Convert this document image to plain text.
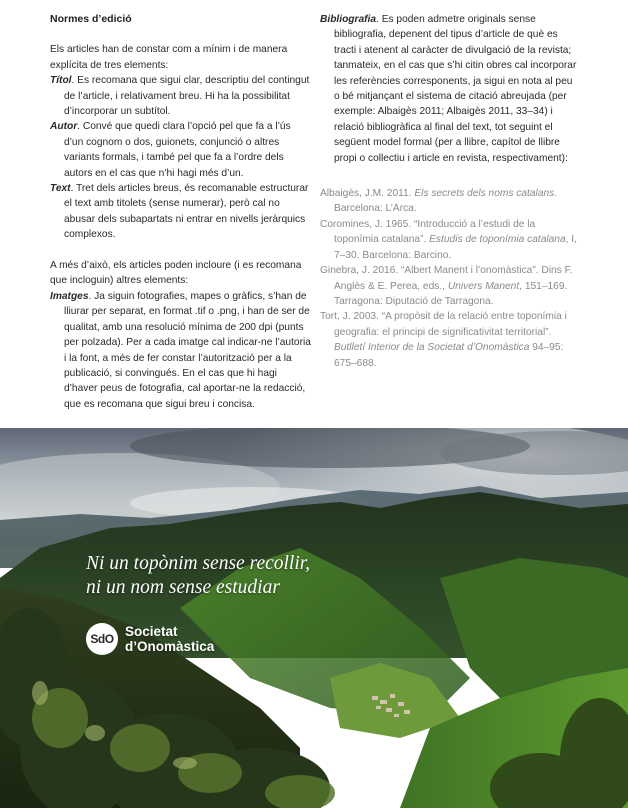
Normes d’edició

Els articles han de constar com a mínim i de manera explícita de tres elements:

Títol. Es recomana que sigui clar, descriptiu del contingut de l’article, i relativament breu. Hi ha la possibilitat d’incorporar un subtítol.

Autor. Convé que quedi clara l’opció pel que fa a l’ús d’un cognom o dos, guionets, conjunció o altres variants formals, i també pel que fa a l’ordre dels autors en el cas que n’hi hagi més d’un.

Text. Tret dels articles breus, és recomanable estructurar el text amb titolets (sense numerar), però cal no abusar dels subapartats ni entrar en nivells jeràrquics complexos.

A més d’això, els articles poden incloure (i es recomana que incloguin) altres elements:

Imatges. Ja siguin fotografies, mapes o gràfics, s’han de lliurar per separat, en format .tif o .png, i han de ser de qualitat, amb una resolució mínima de 200 dpi (punts per polzada). Per a cada imatge cal indicar-ne l’autoria i la font, a més de fer constar l’autorització per a la publicació, si convingués. En el cas que hi hagi d’haver peus de fotografia, cal aportar-ne la redacció, que es recomana que sigui breu i concisa.

Bibliografia. Es poden admetre originals sense bibliografia, depenent del tipus d’article de què es tracti i atenent al caràcter de divulgació de la revista; tanmateix, en el cas que s’hi citin obres cal incorporar les referències corresponents, ja sigui en nota al peu o bé mitjançant el sistema de citació abreujada (per exemple: Albaigès 2011; Albaigès 2011, 33–34) i relació bibliogràfica al final del text, tot seguint el següent model formal (per a llibre, capítol de llibre propi o collectiu i article en revista, respectivament):

Albaigès, J.M. 2011. Els secrets dels noms catalans. Barcelona: L’Arca.

Coromines, J. 1965. “Introducció a l’estudi de la toponímia catalana”. Estudis de toponímia catalana, I, 7–30. Barcelona: Barcino.

Ginebra, J. 2016. “Albert Manent i l’onomàstica”. Dins F. Anglès & E. Perea, eds., Univers Manent, 151–169. Tarragona: Diputació de Tarragona.

Tort, J. 2003. “A propòsit de la relació entre toponímia i geografia: el principi de significativitat territorial”. Butlletí Interior de la Societat d’Onomàstica 94–95: 675–688.

Ni un topònim sense recollir,
ni un nom sense estudiar
SdO Societat
d’Onomàstica
